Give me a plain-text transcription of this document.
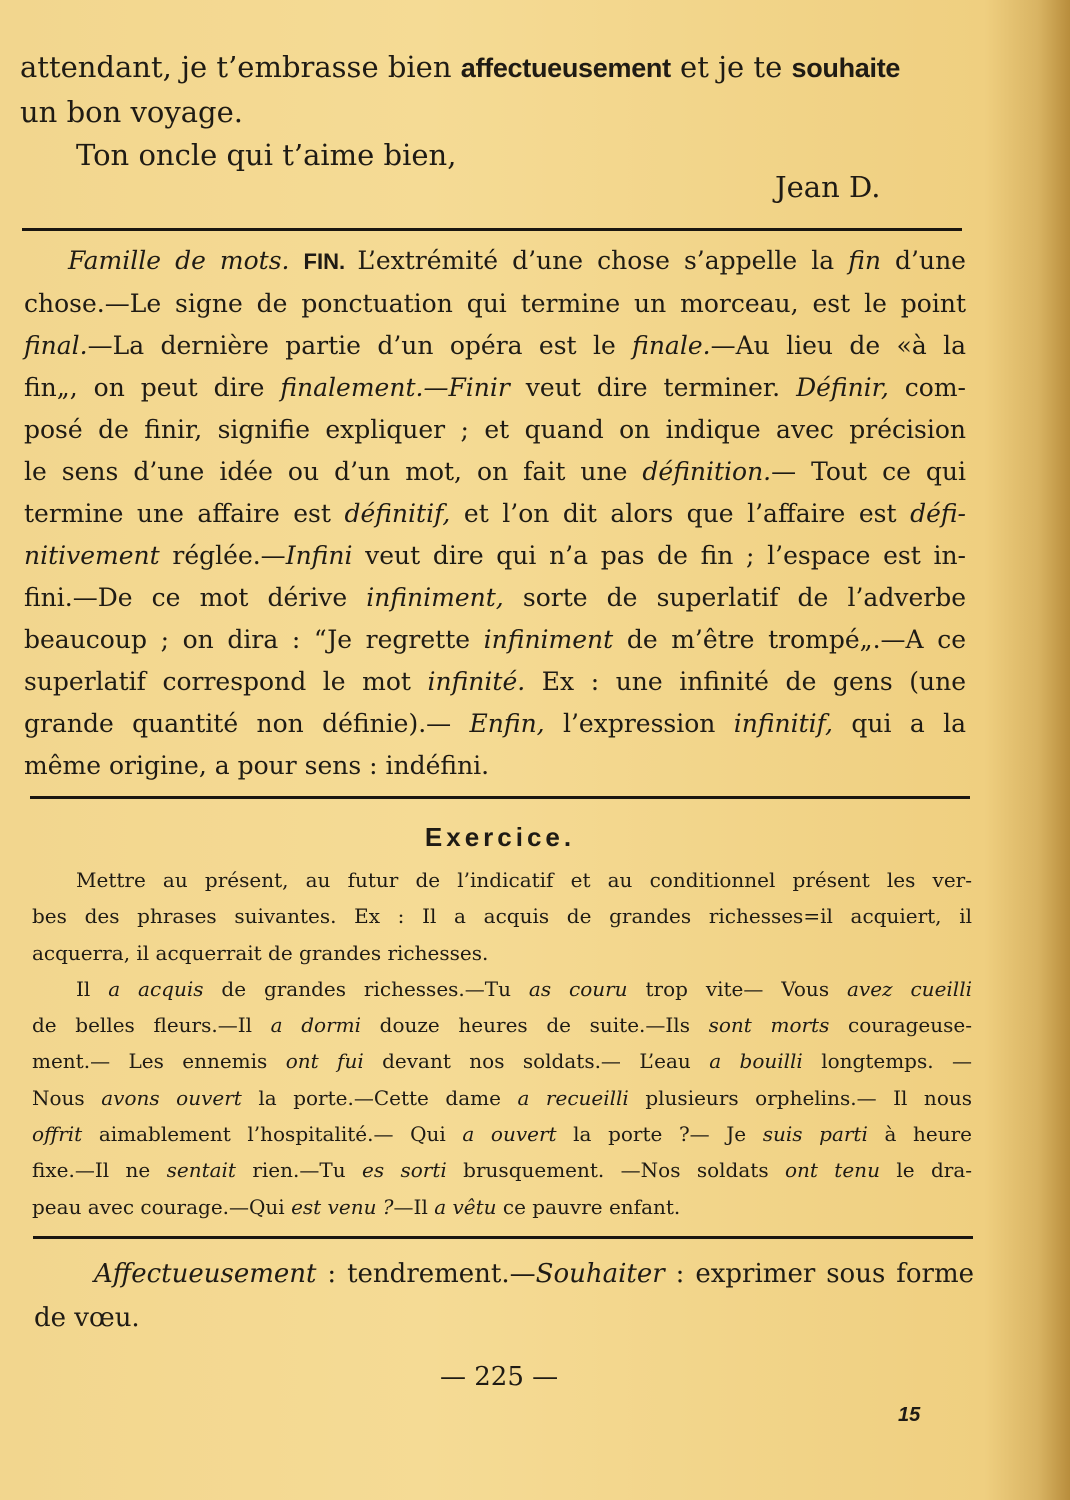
attendant, je t’embrasse bien affectueusement et je te souhaite
un bon voyage.
Ton oncle qui t’aime bien,
Jean D.
Famille de mots. FIN. L’extrémité d’une chose s’appelle la fin d’une
chose.—Le signe de ponctuation qui termine un morceau, est le point
final.—La dernière partie d’un opéra est le finale.—Au lieu de «à la
fin„, on peut dire finalement.—Finir veut dire terminer. Définir, com-
posé de finir, signifie expliquer ; et quand on indique avec précision
le sens d’une idée ou d’un mot, on fait une définition.— Tout ce qui
termine une affaire est définitif, et l’on dit alors que l’affaire est défi-
nitivement réglée.—Infini veut dire qui n’a pas de fin ; l’espace est in-
fini.—De ce mot dérive infiniment, sorte de superlatif de l’adverbe
beaucoup ; on dira : “Je regrette infiniment de m’être trompé„.—A ce
superlatif correspond le mot infinité. Ex : une infinité de gens (une
grande quantité non définie).— Enfin, l’expression infinitif, qui a la
même origine, a pour sens : indéfini.
Exercice.
Mettre au présent, au futur de l’indicatif et au conditionnel présent les ver-
bes des phrases suivantes. Ex : Il a acquis de grandes richesses=il acquiert, il
acquerra, il acquerrait de grandes richesses.
Il a acquis de grandes richesses.—Tu as couru trop vite— Vous avez cueilli
de belles fleurs.—Il a dormi douze heures de suite.—Ils sont morts courageuse-
ment.— Les ennemis ont fui devant nos soldats.— L’eau a bouilli longtemps. —
Nous avons ouvert la porte.—Cette dame a recueilli plusieurs orphelins.— Il nous
offrit aimablement l’hospitalité.— Qui a ouvert la porte ?— Je suis parti à heure
fixe.—Il ne sentait rien.—Tu es sorti brusquement. —Nos soldats ont tenu le dra-
peau avec courage.—Qui est venu ?—Il a vêtu ce pauvre enfant.
Affectueusement : tendrement.—Souhaiter : exprimer sous forme
de vœu.
— 225 —
15
